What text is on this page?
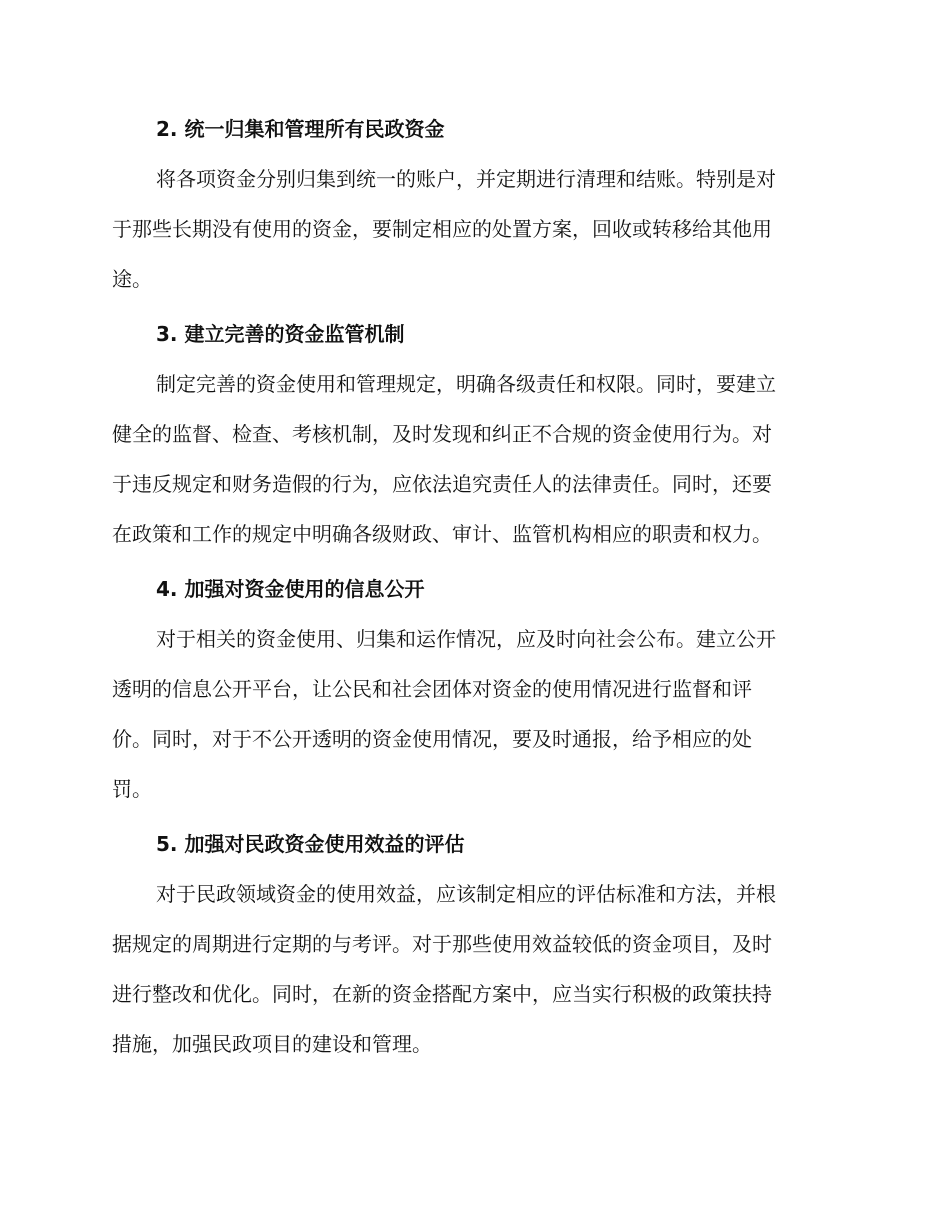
2. 统一归集和管理所有民政资金

将各项资金分别归集到统一的账户，并定期进行清理和结账。特别是对
于那些长期没有使用的资金，要制定相应的处置方案，回收或转移给其他用
途。

3. 建立完善的资金监管机制

制定完善的资金使用和管理规定，明确各级责任和权限。同时，要建立
健全的监督、检查、考核机制，及时发现和纠正不合规的资金使用行为。对
于违反规定和财务造假的行为，应依法追究责任人的法律责任。同时，还要
在政策和工作的规定中明确各级财政、审计、监管机构相应的职责和权力。

4. 加强对资金使用的信息公开

对于相关的资金使用、归集和运作情况，应及时向社会公布。建立公开
透明的信息公开平台，让公民和社会团体对资金的使用情况进行监督和评
价。同时，对于不公开透明的资金使用情况，要及时通报，给予相应的处
罚。

5. 加强对民政资金使用效益的评估

对于民政领域资金的使用效益，应该制定相应的评估标准和方法，并根
据规定的周期进行定期的与考评。对于那些使用效益较低的资金项目，及时
进行整改和优化。同时，在新的资金搭配方案中，应当实行积极的政策扶持
措施，加强民政项目的建设和管理。
